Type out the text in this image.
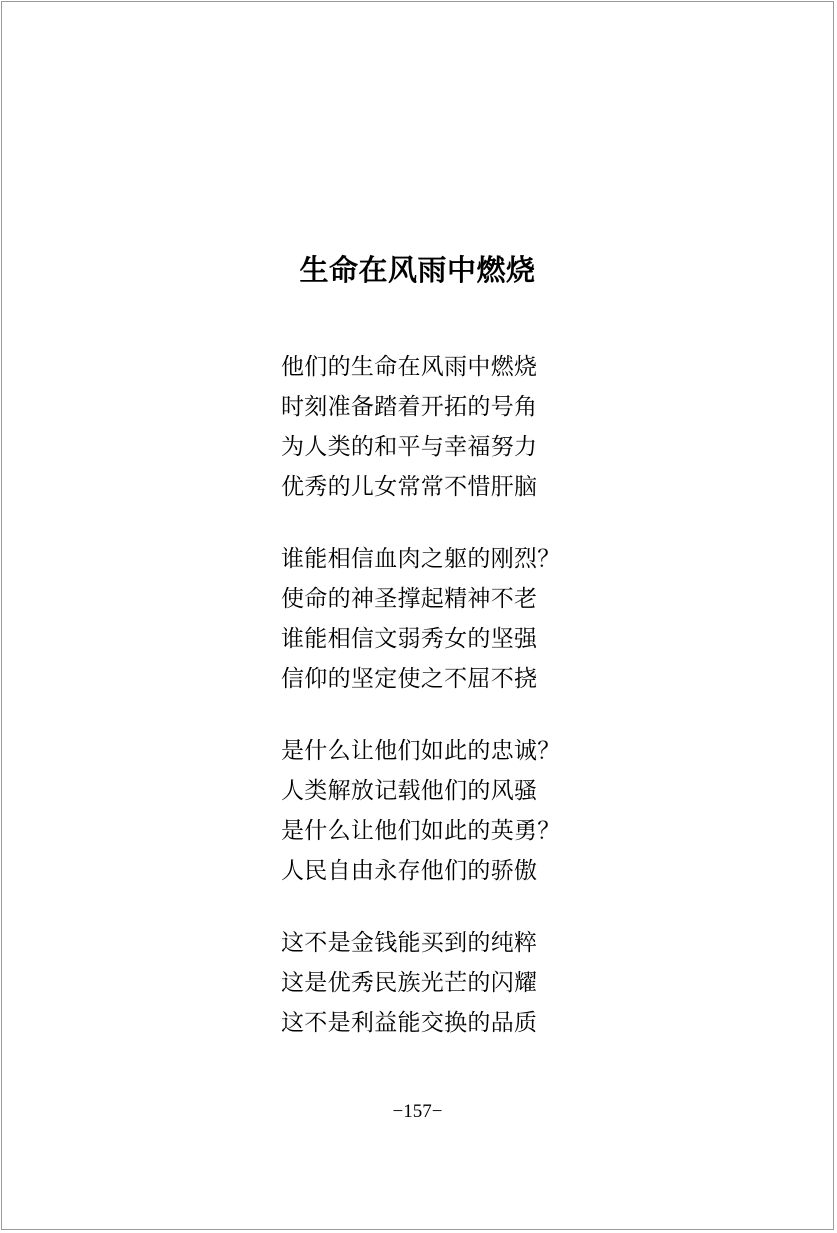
生命在风雨中燃烧
他们的生命在风雨中燃烧
时刻准备踏着开拓的号角
为人类的和平与幸福努力
优秀的儿女常常不惜肝脑
谁能相信血肉之躯的刚烈？
使命的神圣撑起精神不老
谁能相信文弱秀女的坚强
信仰的坚定使之不屈不挠
是什么让他们如此的忠诚？
人类解放记载他们的风骚
是什么让他们如此的英勇？
人民自由永存他们的骄傲
这不是金钱能买到的纯粹
这是优秀民族光芒的闪耀
这不是利益能交换的品质
−157−
